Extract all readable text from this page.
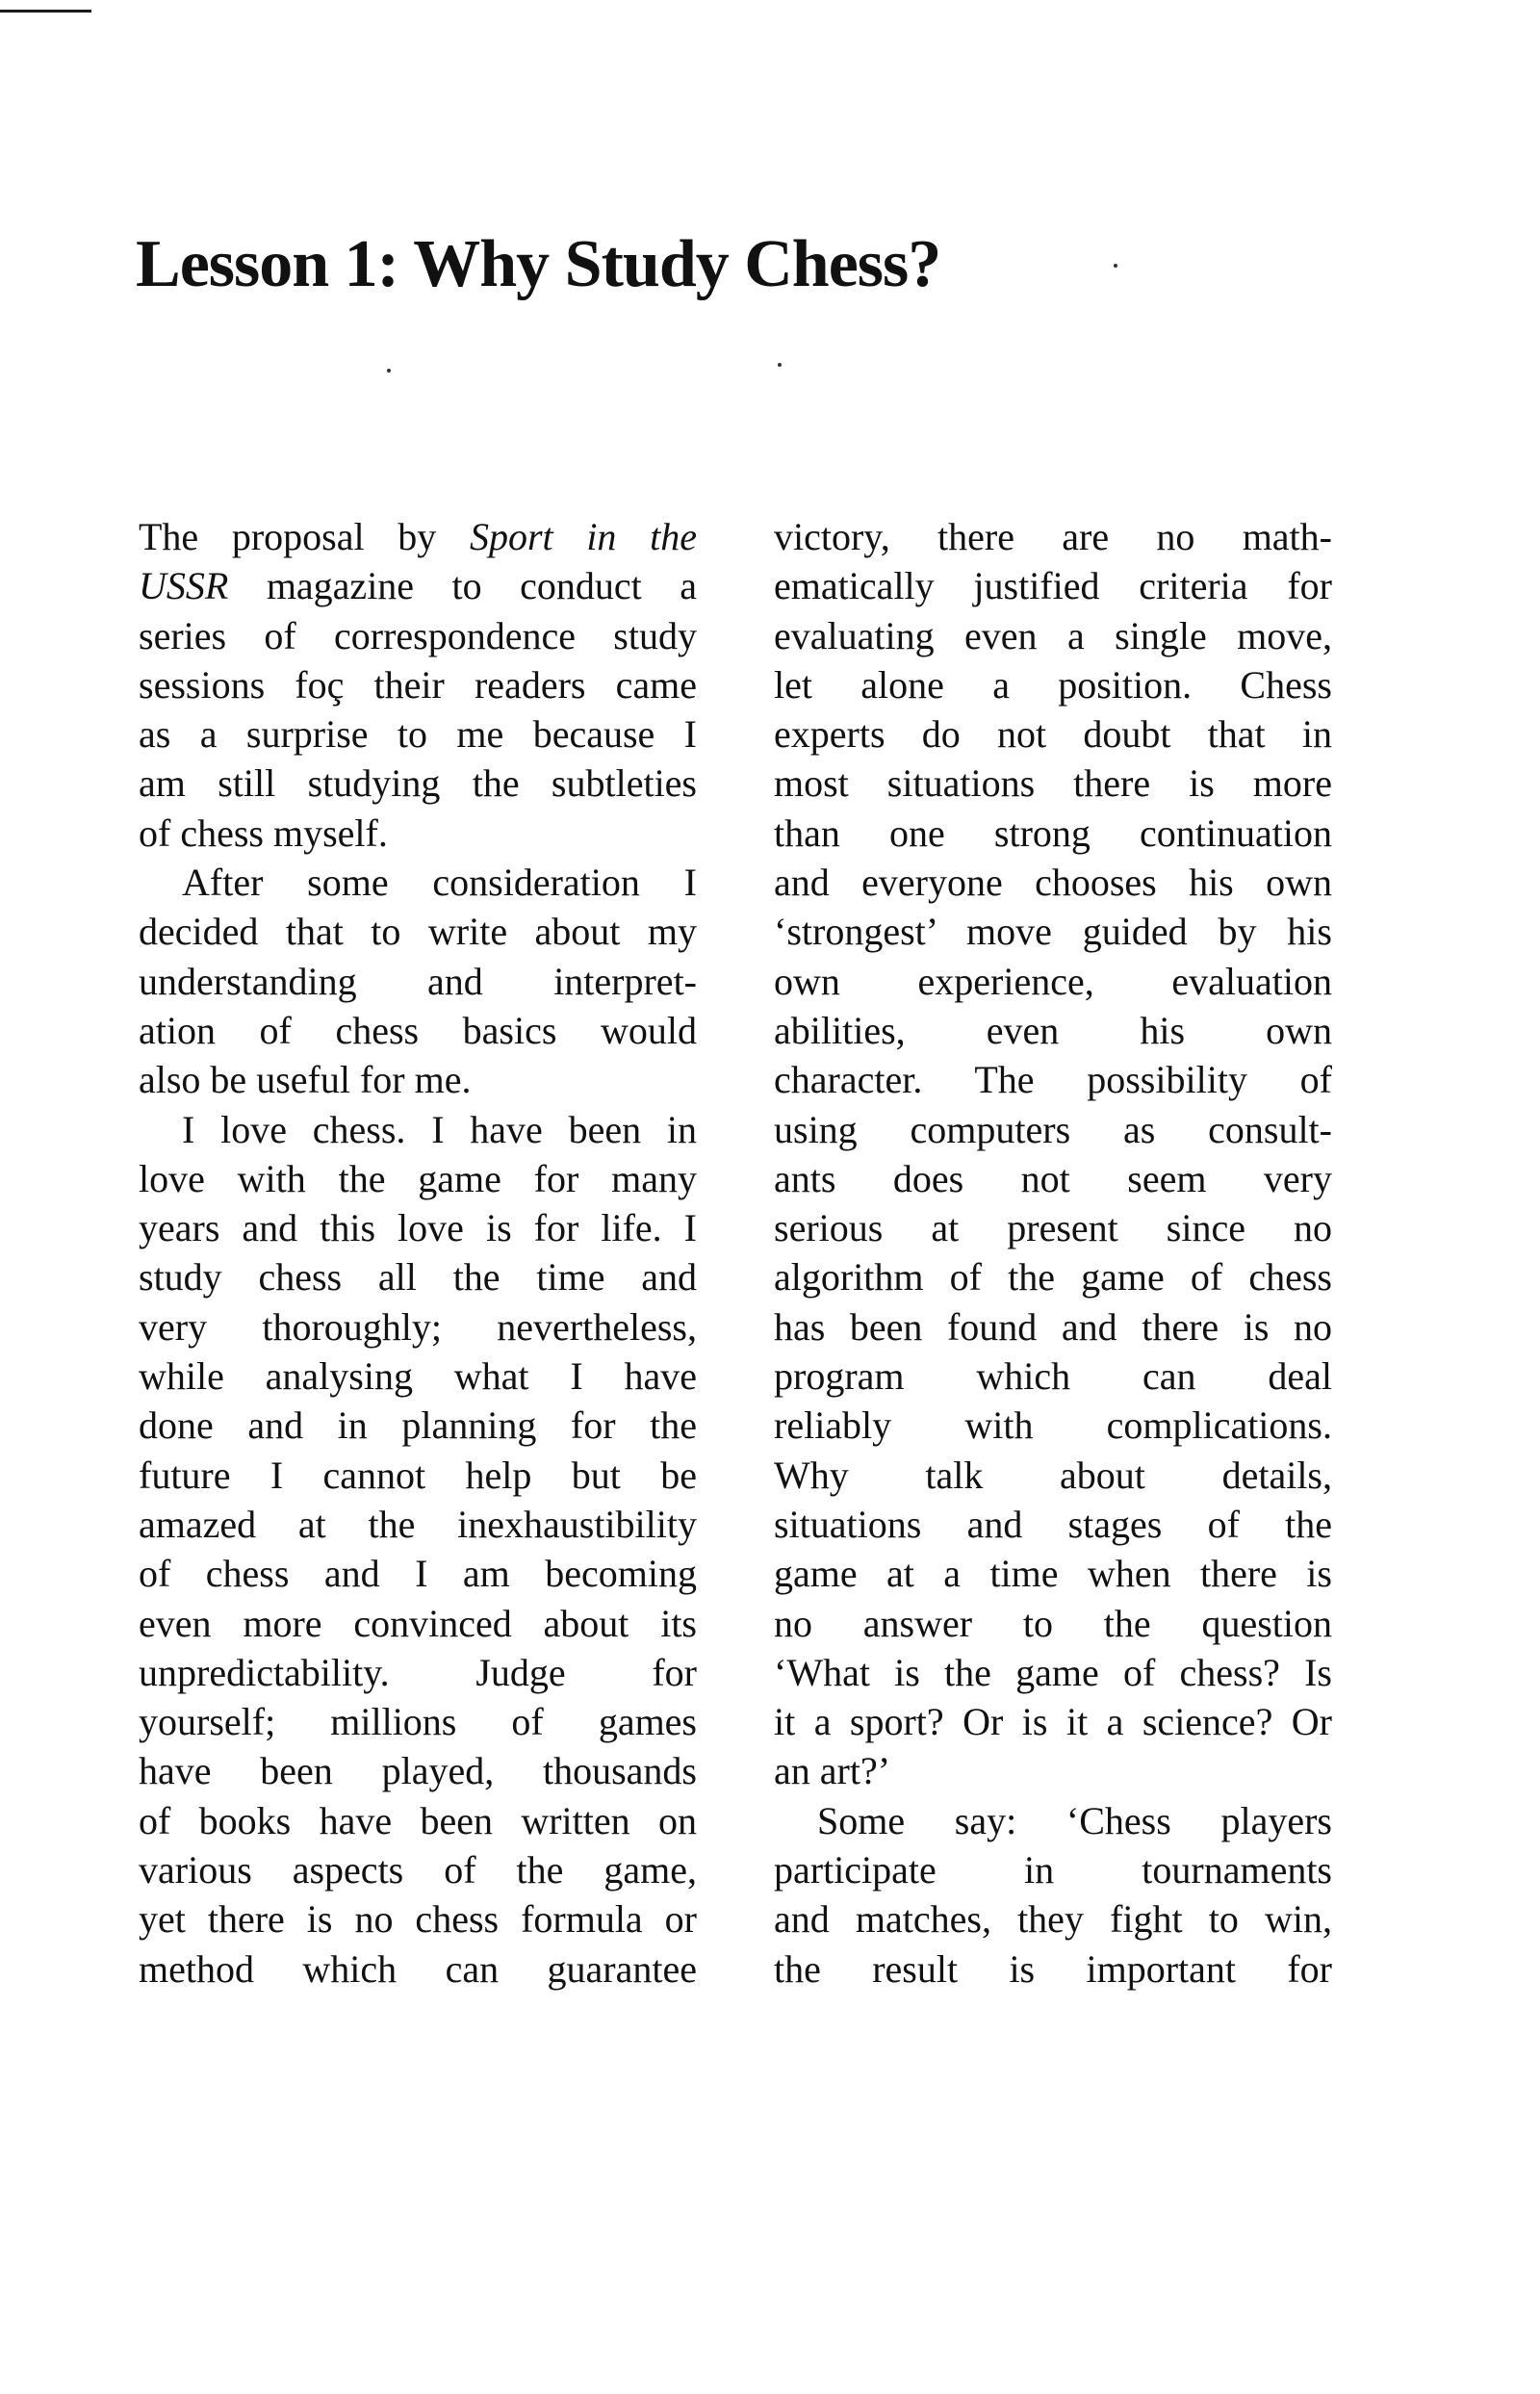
Lesson 1: Why Study Chess?

The proposal by Sport in the

USSR magazine to conduct a

series of correspondence study

sessions foç their readers came

as a surprise to me because I

am still studying the subtleties

of chess myself.

After some consideration I

decided that to write about my

understanding and interpret-

ation of chess basics would

also be useful for me.

I love chess. I have been in

love with the game for many

years and this love is for life. I

study chess all the time and

very thoroughly; nevertheless,

while analysing what I have

done and in planning for the

future I cannot help but be

amazed at the inexhaustibility

of chess and I am becoming

even more convinced about its

unpredictability. Judge for

yourself; millions of games

have been played, thousands

of books have been written on

various aspects of the game,

yet there is no chess formula or

method which can guarantee

victory, there are no math-

ematically justified criteria for

evaluating even a single move,

let alone a position. Chess

experts do not doubt that in

most situations there is more

than one strong continuation

and everyone chooses his own

‘strongest’ move guided by his

own experience, evaluation

abilities, even his own

character. The possibility of

using computers as consult-

ants does not seem very

serious at present since no

algorithm of the game of chess

has been found and there is no

program which can deal

reliably with complications.

Why talk about details,

situations and stages of the

game at a time when there is

no answer to the question

‘What is the game of chess? Is

it a sport? Or is it a science? Or

an art?’

Some say: ‘Chess players

participate in tournaments

and matches, they fight to win,

the result is important for
